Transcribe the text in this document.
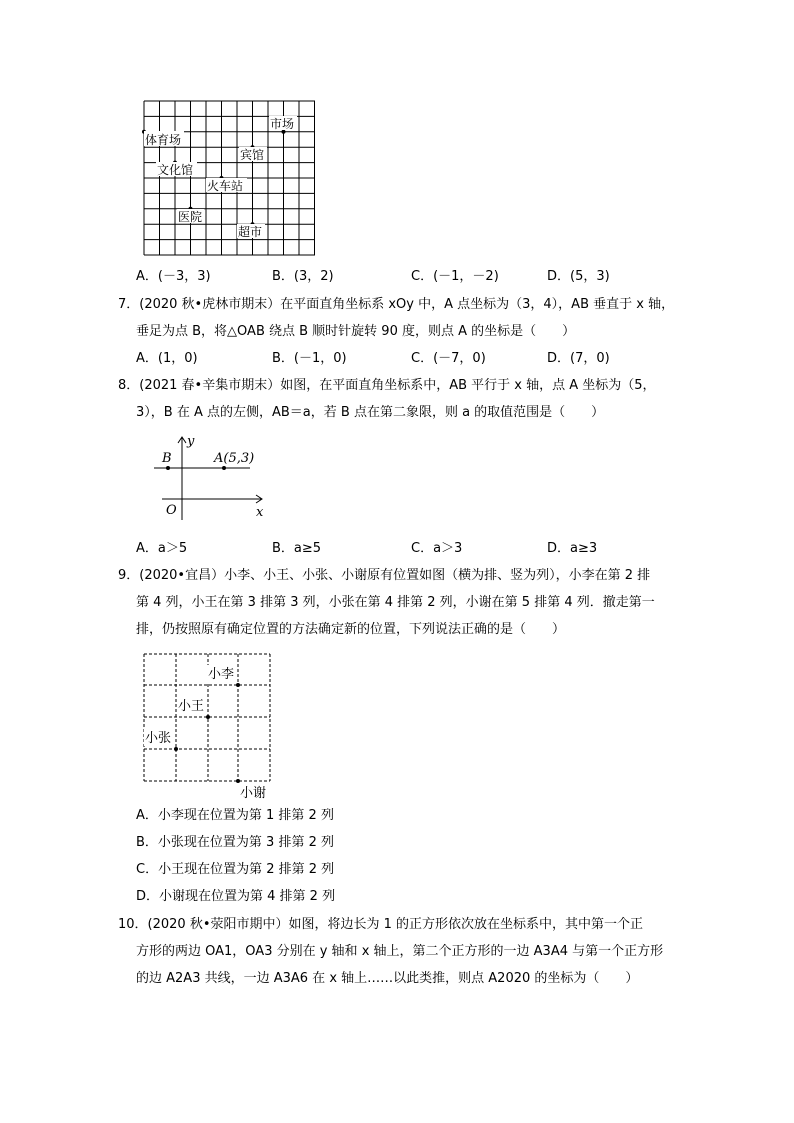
体育场
市场
宾馆
文化馆
火车站
医院
超市
A．(－3，3)	B．(3，2)	C．(－1，－2)	D．(5，3)
7．(2020 秋•虎林市期末）在平面直角坐标系 xOy 中，A 点坐标为（3，4），AB 垂直于 x 轴，
垂足为点 B，将△OAB 绕点 B 顺时针旋转 90 度，则点 A 的坐标是（　　）
A．(1，0)	B．(－1，0)	C．(－7，0)	D．(7，0)
8．(2021 春•辛集市期末）如图，在平面直角坐标系中，AB 平行于 x 轴，点 A 坐标为（5，
3），B 在 A 点的左侧，AB＝a，若 B 点在第二象限，则 a 的取值范围是（　　）
y
x
O
B	A(5,3)
A．a＞5	B．a≥5	C．a＞3	D．a≥3
9．(2020•宜昌）小李、小王、小张、小谢原有位置如图（横为排、竖为列），小李在第 2 排
第 4 列，小王在第 3 排第 3 列，小张在第 4 排第 2 列，小谢在第 5 排第 4 列．撤走第一
排，仍按照原有确定位置的方法确定新的位置，下列说法正确的是（　　）
小李
小王
小张
小谢
A．小李现在位置为第 1 排第 2 列
B．小张现在位置为第 3 排第 2 列
C．小王现在位置为第 2 排第 2 列
D．小谢现在位置为第 4 排第 2 列
10．(2020 秋•荥阳市期中）如图，将边长为 1 的正方形依次放在坐标系中，其中第一个正
方形的两边 OA1，OA3 分别在 y 轴和 x 轴上，第二个正方形的一边 A3A4 与第一个正方形
的边 A2A3 共线，一边 A3A6 在 x 轴上……以此类推，则点 A2020 的坐标为（　　）
